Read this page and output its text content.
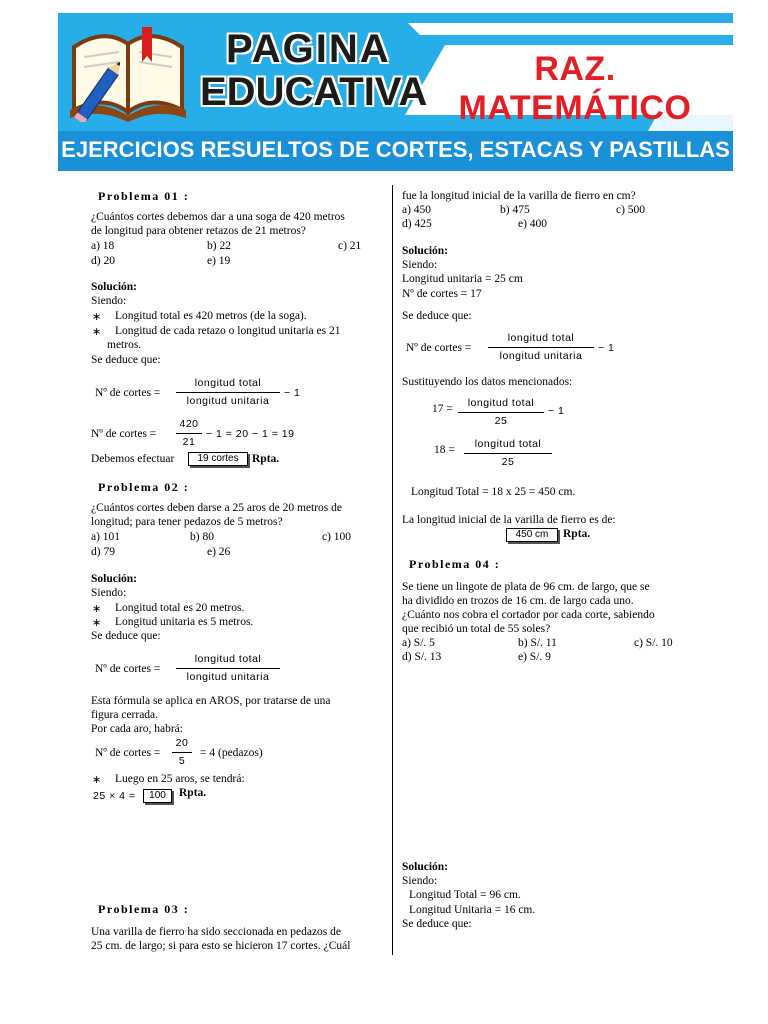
RAZ. MATEMÁTICO
PAGINA
EDUCATIVA
EJERCICIOS RESUELTOS DE CORTES, ESTACAS Y PASTILLAS
Problema 01 :
¿Cuántos cortes debemos dar a una soga de 420 metros
de longitud para obtener retazos de 21 metros?
a) 18	b) 22	c) 21
d) 20	e) 19
Solución:
Siendo:
∗ Longitud total es 420 metros (de la soga).
∗ Longitud de cada retazo o longitud unitaria es 21
metros.
Se deduce que:
Nº de cortes =
longitud total
longitud unitaria
− 1
Nº de cortes =
420
21
− 1 = 20 − 1 = 19
Debemos efectuar	19 cortes	Rpta.
Problema 02 :
¿Cuántos cortes deben darse a 25 aros de 20 metros de
longitud; para tener pedazos de 5 metros?
a) 101	b) 80	c) 100
d) 79	e) 26
Solución:
Siendo:
∗ Longitud total es 20 metros.
∗ Longitud unitaria es 5 metros.
Se deduce que:
Nº de cortes =
longitud total
longitud unitaria
Esta fórmula se aplica en AROS, por tratarse de una
figura cerrada.
Por cada aro, habrá:
Nº de cortes =
20
5
= 4 (pedazos)
∗ Luego en 25 aros, se tendrá:
25 × 4 =	100	Rpta.
Problema 03 :
Una varilla de fierro ha sido seccionada en pedazos de
25 cm. de largo; si para esto se hicieron 17 cortes. ¿Cuál
fue la longitud inicial de la varilla de fierro en cm?
a) 450	b) 475	c) 500
d) 425	e) 400
Solución:
Siendo:
Longitud unitaria = 25 cm
Nº de cortes = 17
Se deduce que:
Nº de cortes =
longitud total
longitud unitaria
− 1
Sustituyendo los datos mencionados:
17 =	longitud total
25
− 1
18 =	longitud total
25
Longitud Total = 18 x 25 = 450 cm.
La longitud inicial de la varilla de fierro es de:
450 cm	Rpta.
Problema 04 :
Se tiene un lingote de plata de 96 cm. de largo, que se
ha dividido en trozos de 16 cm. de largo cada uno.
¿Cuánto nos cobra el cortador por cada corte, sabiendo
que recibió un total de 55 soles?
a) S/. 5	b) S/. 11	c) S/. 10
d) S/. 13	e) S/. 9
Solución:
Siendo:
Longitud Total = 96 cm.
Longitud Unitaria = 16 cm.
Se deduce que:
